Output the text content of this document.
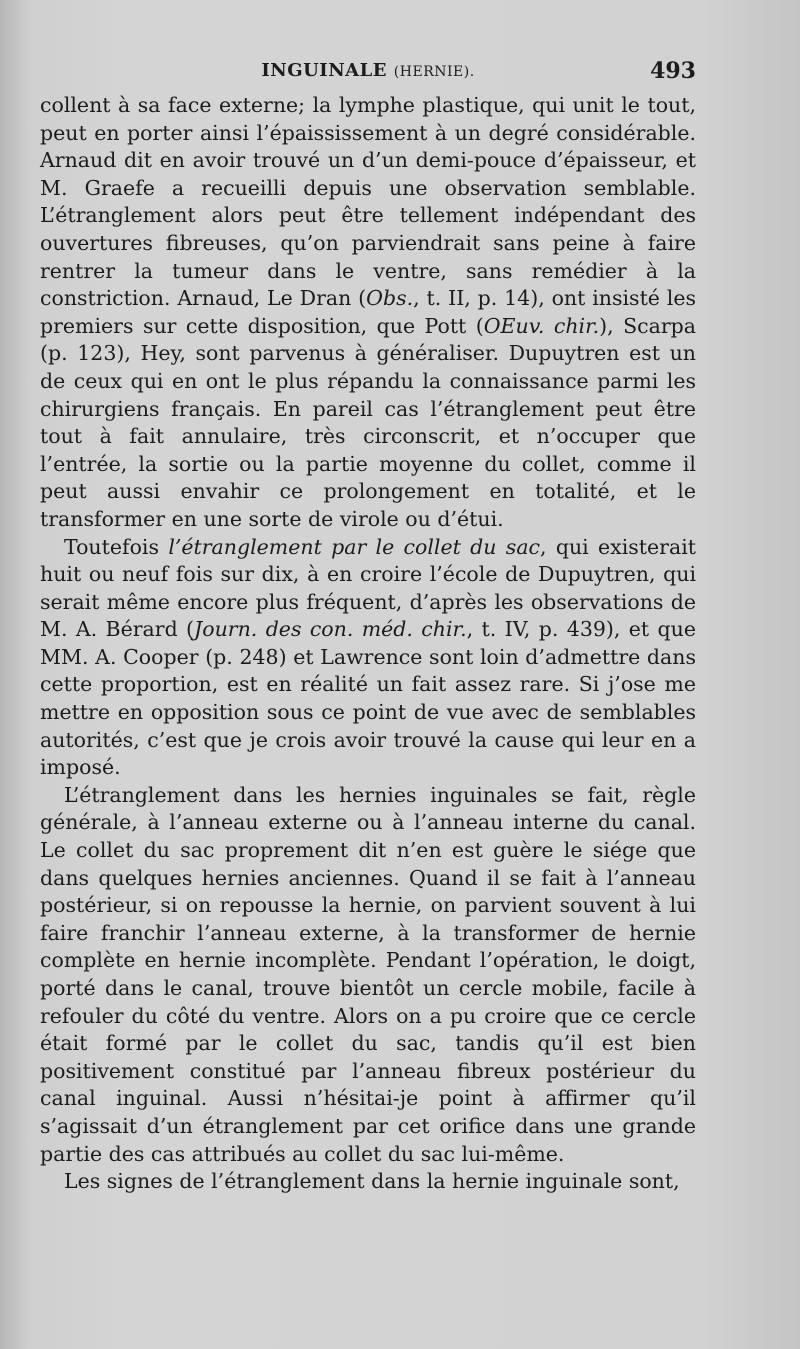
INGUINALE (HERNIE).	493

collent à sa face externe; la lymphe plastique, qui unit le tout, peut en porter ainsi l’épaississement à un degré considérable. Arnaud dit en avoir trouvé un d’un demi-pouce d’épaisseur, et M. Graefe a recueilli depuis une observation semblable. L’étranglement alors peut être tellement indépendant des ouvertures fibreuses, qu’on parviendrait sans peine à faire rentrer la tumeur dans le ventre, sans remédier à la constriction. Arnaud, Le Dran (Obs., t. II, p. 14), ont insisté les premiers sur cette disposition, que Pott (OEuv. chir.), Scarpa (p. 123), Hey, sont parvenus à généraliser. Dupuytren est un de ceux qui en ont le plus répandu la connaissance parmi les chirurgiens français. En pareil cas l’étranglement peut être tout à fait annulaire, très circonscrit, et n’occuper que l’entrée, la sortie ou la partie moyenne du collet, comme il peut aussi envahir ce prolongement en totalité, et le transformer en une sorte de virole ou d’étui.

Toutefois l’étranglement par le collet du sac, qui existerait huit ou neuf fois sur dix, à en croire l’école de Dupuytren, qui serait même encore plus fréquent, d’après les observations de M. A. Bérard (Journ. des con. méd. chir., t. IV, p. 439), et que MM. A. Cooper (p. 248) et Lawrence sont loin d’admettre dans cette proportion, est en réalité un fait assez rare. Si j’ose me mettre en opposition sous ce point de vue avec de semblables autorités, c’est que je crois avoir trouvé la cause qui leur en a imposé.

L’étranglement dans les hernies inguinales se fait, règle générale, à l’anneau externe ou à l’anneau interne du canal. Le collet du sac proprement dit n’en est guère le siége que dans quelques hernies anciennes. Quand il se fait à l’anneau postérieur, si on repousse la hernie, on parvient souvent à lui faire franchir l’anneau externe, à la transformer de hernie complète en hernie incomplète. Pendant l’opération, le doigt, porté dans le canal, trouve bientôt un cercle mobile, facile à refouler du côté du ventre. Alors on a pu croire que ce cercle était formé par le collet du sac, tandis qu’il est bien positivement constitué par l’anneau fibreux postérieur du canal inguinal. Aussi n’hésitai-je point à affirmer qu’il s’agissait d’un étranglement par cet orifice dans une grande partie des cas attribués au collet du sac lui-même.

Les signes de l’étranglement dans la hernie inguinale sont,
